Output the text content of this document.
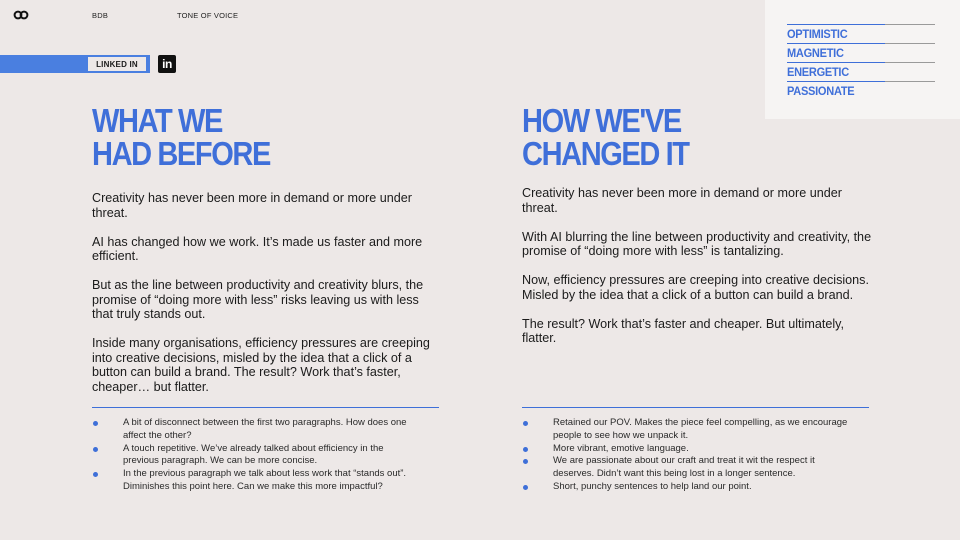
BDB	TONE OF VOICE
LINKED IN	in
OPTIMISTIC
MAGNETIC
ENERGETIC
PASSIONATE
WHAT WE
HAD BEFORE

Creativity has never been more in demand or more under threat.

AI has changed how we work. It’s made us faster and more efficient.

But as the line between productivity and creativity blurs, the promise of “doing more with less” risks leaving us with less that truly stands out.

Inside many organisations, efficiency pressures are creeping into creative decisions, misled by the idea that a click of a button can build a brand. The result? Work that’s faster, cheaper… but flatter.

HOW WE'VE
CHANGED IT

Creativity has never been more in demand or more under threat.

With AI blurring the line between productivity and creativity, the promise of “doing more with less” is tantalizing.

Now, efficiency pressures are creeping into creative decisions. Misled by the idea that a click of a button can build a brand.

The result? Work that’s faster and cheaper. But ultimately, flatter.

A bit of disconnect between the first two paragraphs. How does one affect the other?
A touch repetitive. We’ve already talked about efficiency in the previous paragraph. We can be more concise.
In the previous paragraph we talk about less work that “stands out”. Diminishes this point here. Can we make this more impactful?
Retained our POV. Makes the piece feel compelling, as we encourage people to see how we unpack it.
More vibrant, emotive language.
We are passionate about our craft and treat it wit the respect it deserves. Didn’t want this being lost in a longer sentence.
Short, punchy sentences to help land our point.
